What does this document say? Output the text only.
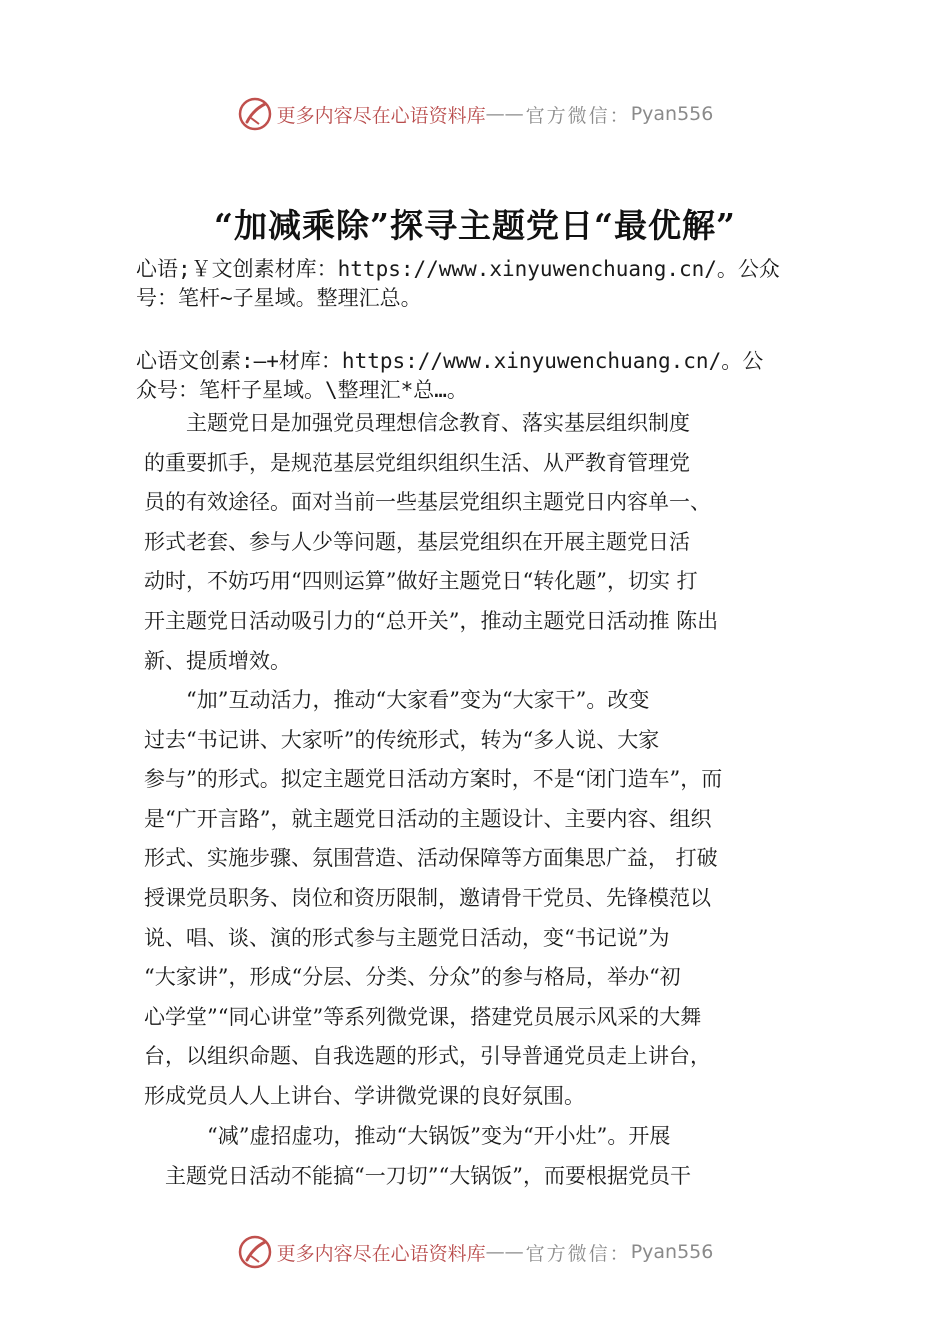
更多内容尽在心语资料库 —— 官方微信： Pyan556
“加减乘除”探寻主题党日“最优解”
心语;￥文创素材库：https://www.xinyuwenchuang.cn/。公众
号：笔杆~子星域。整理汇总。
心语文创素:—+材库：https://www.xinyuwenchuang.cn/。公
众号：笔杆子星域。\整理汇*总…。
　　主题党日是加强党员理想信念教育、落实基层组织制度
的重要抓手，是规范基层党组织组织生活、从严教育管理党
员的有效途径。面对当前一些基层党组织主题党日内容单一、
形式老套、参与人少等问题，基层党组织在开展主题党日活
动时，不妨巧用“四则运算”做好主题党日“转化题”，切实 打
开主题党日活动吸引力的“总开关”，推动主题党日活动推 陈出
新、提质增效。
　　“加”互动活力，推动“大家看”变为“大家干”。改变
过去“书记讲、大家听”的传统形式，转为“多人说、大家
参与”的形式。拟定主题党日活动方案时，不是“闭门造车”，而
是“广开言路”，就主题党日活动的主题设计、主要内容、组织
形式、实施步骤、氛围营造、活动保障等方面集思广益， 打破
授课党员职务、岗位和资历限制，邀请骨干党员、先锋模范以
说、唱、谈、演的形式参与主题党日活动，变“书记说”为
“大家讲”，形成“分层、分类、分众”的参与格局，举办“初
心学堂”“同心讲堂”等系列微党课，搭建党员展示风采的大舞
台，以组织命题、自我选题的形式，引导普通党员走上讲台，
形成党员人人上讲台、学讲微党课的良好氛围。
　　　“减”虚招虚功，推动“大锅饭”变为“开小灶”。开展
　主题党日活动不能搞“一刀切”“大锅饭”，而要根据党员干
更多内容尽在心语资料库 —— 官方微信： Pyan556
